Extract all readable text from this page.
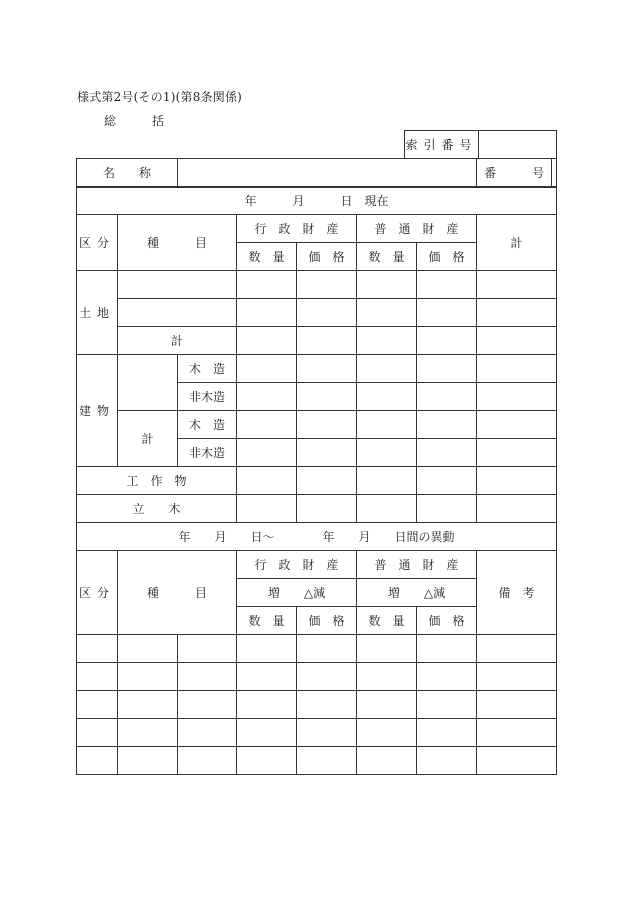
様式第2号(その1)(第8条関係)
総　括
索引番号	
名　　称		番　　　号
年　　　月　　　日　現在							
区分	種　　　目		行　政　財　産		普　通　財　産		計
			数　量	価　格	数　量	価　格	
土地							

	計						
建物		木　造					
		非木造					
	計	木　造					
		非木造					
工　作　物							
立　　木							
年　　月　　日〜　　　　年　　月　　日間の異動							
区分	種　　　目		行　政　財　産		普　通　財　産		備　考
			増　　△減		増　　△減		
			数　量	価　格	数　量	価　格	
